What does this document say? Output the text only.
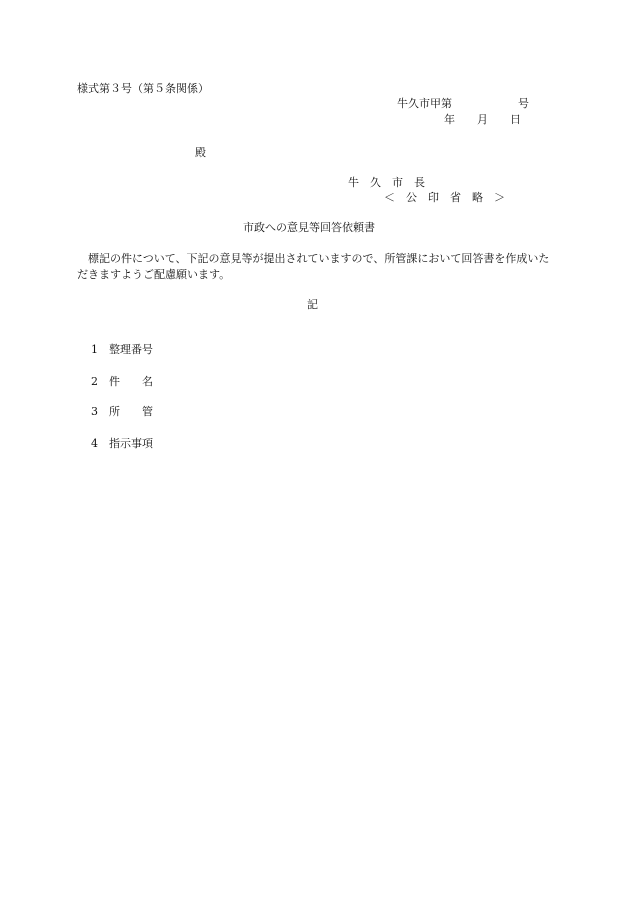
様式第３号（第５条関係）
牛久市甲第　　　　　　号
年　　月　　日
殿
牛　久　市　長
＜　公　印　省　略　＞
市政への意見等回答依頼書
　標記の件について、下記の意見等が提出されていますので、所管課において回答書を作成いただきますようご配慮願います。
記

1 整理番号

2 件　　名

3 所　　管

4 指示事項
